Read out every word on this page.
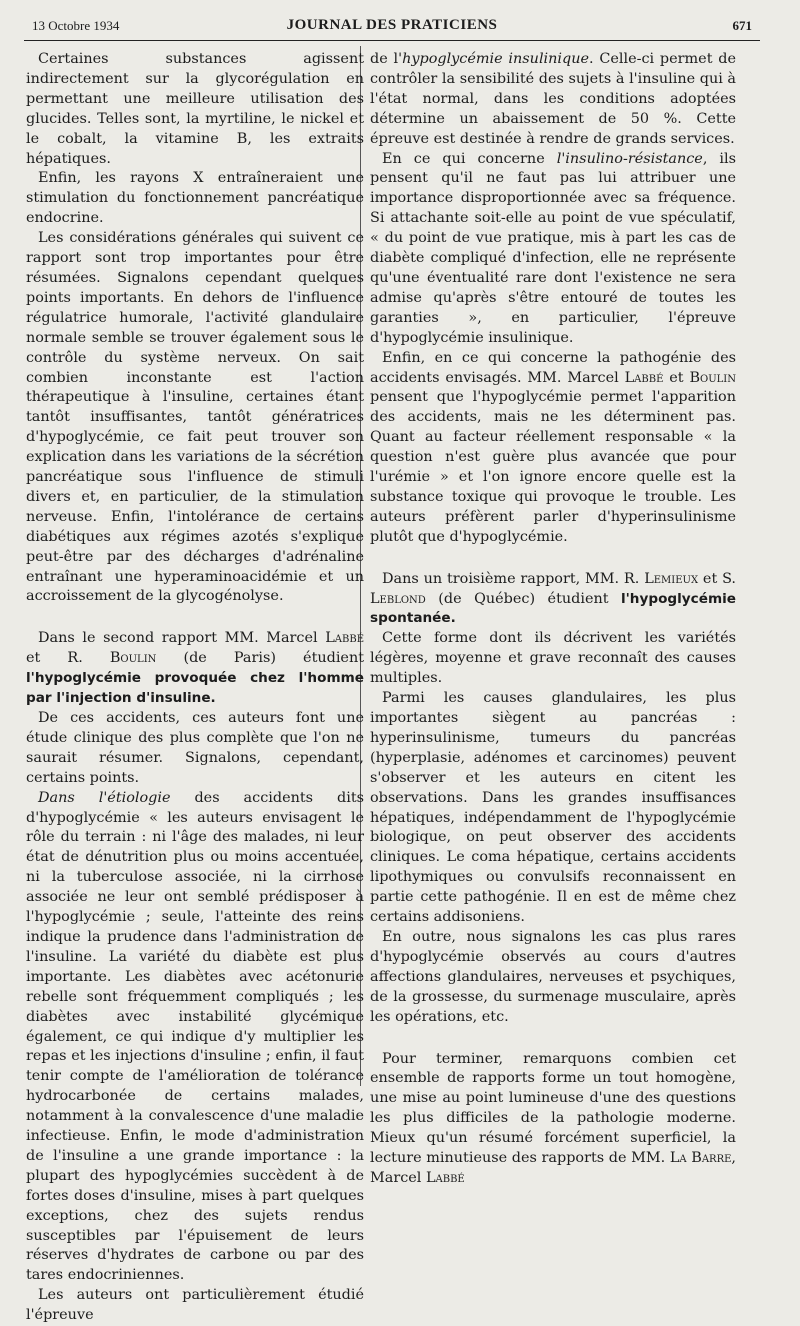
13 Octobre 1934	JOURNAL DES PRATICIENS	671

Certaines substances agissent indirectement sur la glycorégulation en permettant une meilleure utilisation des glucides. Telles sont, la myrtiline, le nickel et le cobalt, la vitamine B, les extraits hépatiques.

Enfin, les rayons X entraîneraient une stimulation du fonctionnement pancréatique endocrine.

Les considérations générales qui suivent ce rapport sont trop importantes pour être résumées. Signalons cependant quelques points importants. En dehors de l'influence régulatrice humorale, l'activité glandulaire normale semble se trouver également sous le contrôle du système nerveux. On sait combien inconstante est l'action thérapeutique à l'insuline, certaines étant tantôt insuffisantes, tantôt génératrices d'hypoglycémie, ce fait peut trouver son explication dans les variations de la sécrétion pancréatique sous l'influence de stimuli divers et, en particulier, de la stimulation nerveuse. Enfin, l'intolérance de certains diabétiques aux régimes azotés s'explique peut-être par des décharges d'adrénaline entraînant une hyperaminoacidémie et un accroissement de la glycogénolyse.

Dans le second rapport MM. Marcel Labbé et R. Boulin (de Paris) étudient l'hypoglycémie provoquée chez l'homme par l'injection d'insuline.

De ces accidents, ces auteurs font une étude clinique des plus complète que l'on ne saurait résumer. Signalons, cependant, certains points.

Dans l'étiologie des accidents dits d'hypoglycémie « les auteurs envisagent le rôle du terrain : ni l'âge des malades, ni leur état de dénutrition plus ou moins accentuée, ni la tuberculose associée, ni la cirrhose associée ne leur ont semblé prédisposer à l'hypoglycémie ; seule, l'atteinte des reins indique la prudence dans l'administration de l'insuline. La variété du diabète est plus importante. Les diabètes avec acétonurie rebelle sont fréquemment compliqués ; les diabètes avec instabilité glycémique également, ce qui indique d'y multiplier les repas et les injections d'insuline ; enfin, il faut tenir compte de l'amélioration de tolérance hydrocarbonée de certains malades, notamment à la convalescence d'une maladie infectieuse. Enfin, le mode d'administration de l'insuline a une grande importance : la plupart des hypoglycémies succèdent à de fortes doses d'insuline, mises à part quelques exceptions, chez des sujets rendus susceptibles par l'épuisement de leurs réserves d'hydrates de carbone ou par des tares endocriniennes.

Les auteurs ont particulièrement étudié l'épreuve

de l'hypoglycémie insulinique. Celle-ci permet de contrôler la sensibilité des sujets à l'insuline qui à l'état normal, dans les conditions adoptées détermine un abaissement de 50 %. Cette épreuve est destinée à rendre de grands services.

En ce qui concerne l'insulino-résistance, ils pensent qu'il ne faut pas lui attribuer une importance disproportionnée avec sa fréquence. Si attachante soit-elle au point de vue spéculatif, « du point de vue pratique, mis à part les cas de diabète compliqué d'infection, elle ne représente qu'une éventualité rare dont l'existence ne sera admise qu'après s'être entouré de toutes les garanties », en particulier, l'épreuve d'hypoglycémie insulinique.

Enfin, en ce qui concerne la pathogénie des accidents envisagés. MM. Marcel Labbé et Boulin pensent que l'hypoglycémie permet l'apparition des accidents, mais ne les déterminent pas. Quant au facteur réellement responsable « la question n'est guère plus avancée que pour l'urémie » et l'on ignore encore quelle est la substance toxique qui provoque le trouble. Les auteurs préfèrent parler d'hyperinsulinisme plutôt que d'hypoglycémie.

Dans un troisième rapport, MM. R. Lemieux et S. Leblond (de Québec) étudient l'hypoglycémie spontanée.

Cette forme dont ils décrivent les variétés légères, moyenne et grave reconnaît des causes multiples.

Parmi les causes glandulaires, les plus importantes siègent au pancréas : hyperinsulinisme, tumeurs du pancréas (hyperplasie, adénomes et carcinomes) peuvent s'observer et les auteurs en citent les observations. Dans les grandes insuffisances hépatiques, indépendamment de l'hypoglycémie biologique, on peut observer des accidents cliniques. Le coma hépatique, certains accidents lipothymiques ou convulsifs reconnaissent en partie cette pathogénie. Il en est de même chez certains addisoniens.

En outre, nous signalons les cas plus rares d'hypoglycémie observés au cours d'autres affections glandulaires, nerveuses et psychiques, de la grossesse, du surmenage musculaire, après les opérations, etc.

Pour terminer, remarquons combien cet ensemble de rapports forme un tout homogène, une mise au point lumineuse d'une des questions les plus difficiles de la pathologie moderne. Mieux qu'un résumé forcément superficiel, la lecture minutieuse des rapports de MM. La Barre, Marcel Labbé
